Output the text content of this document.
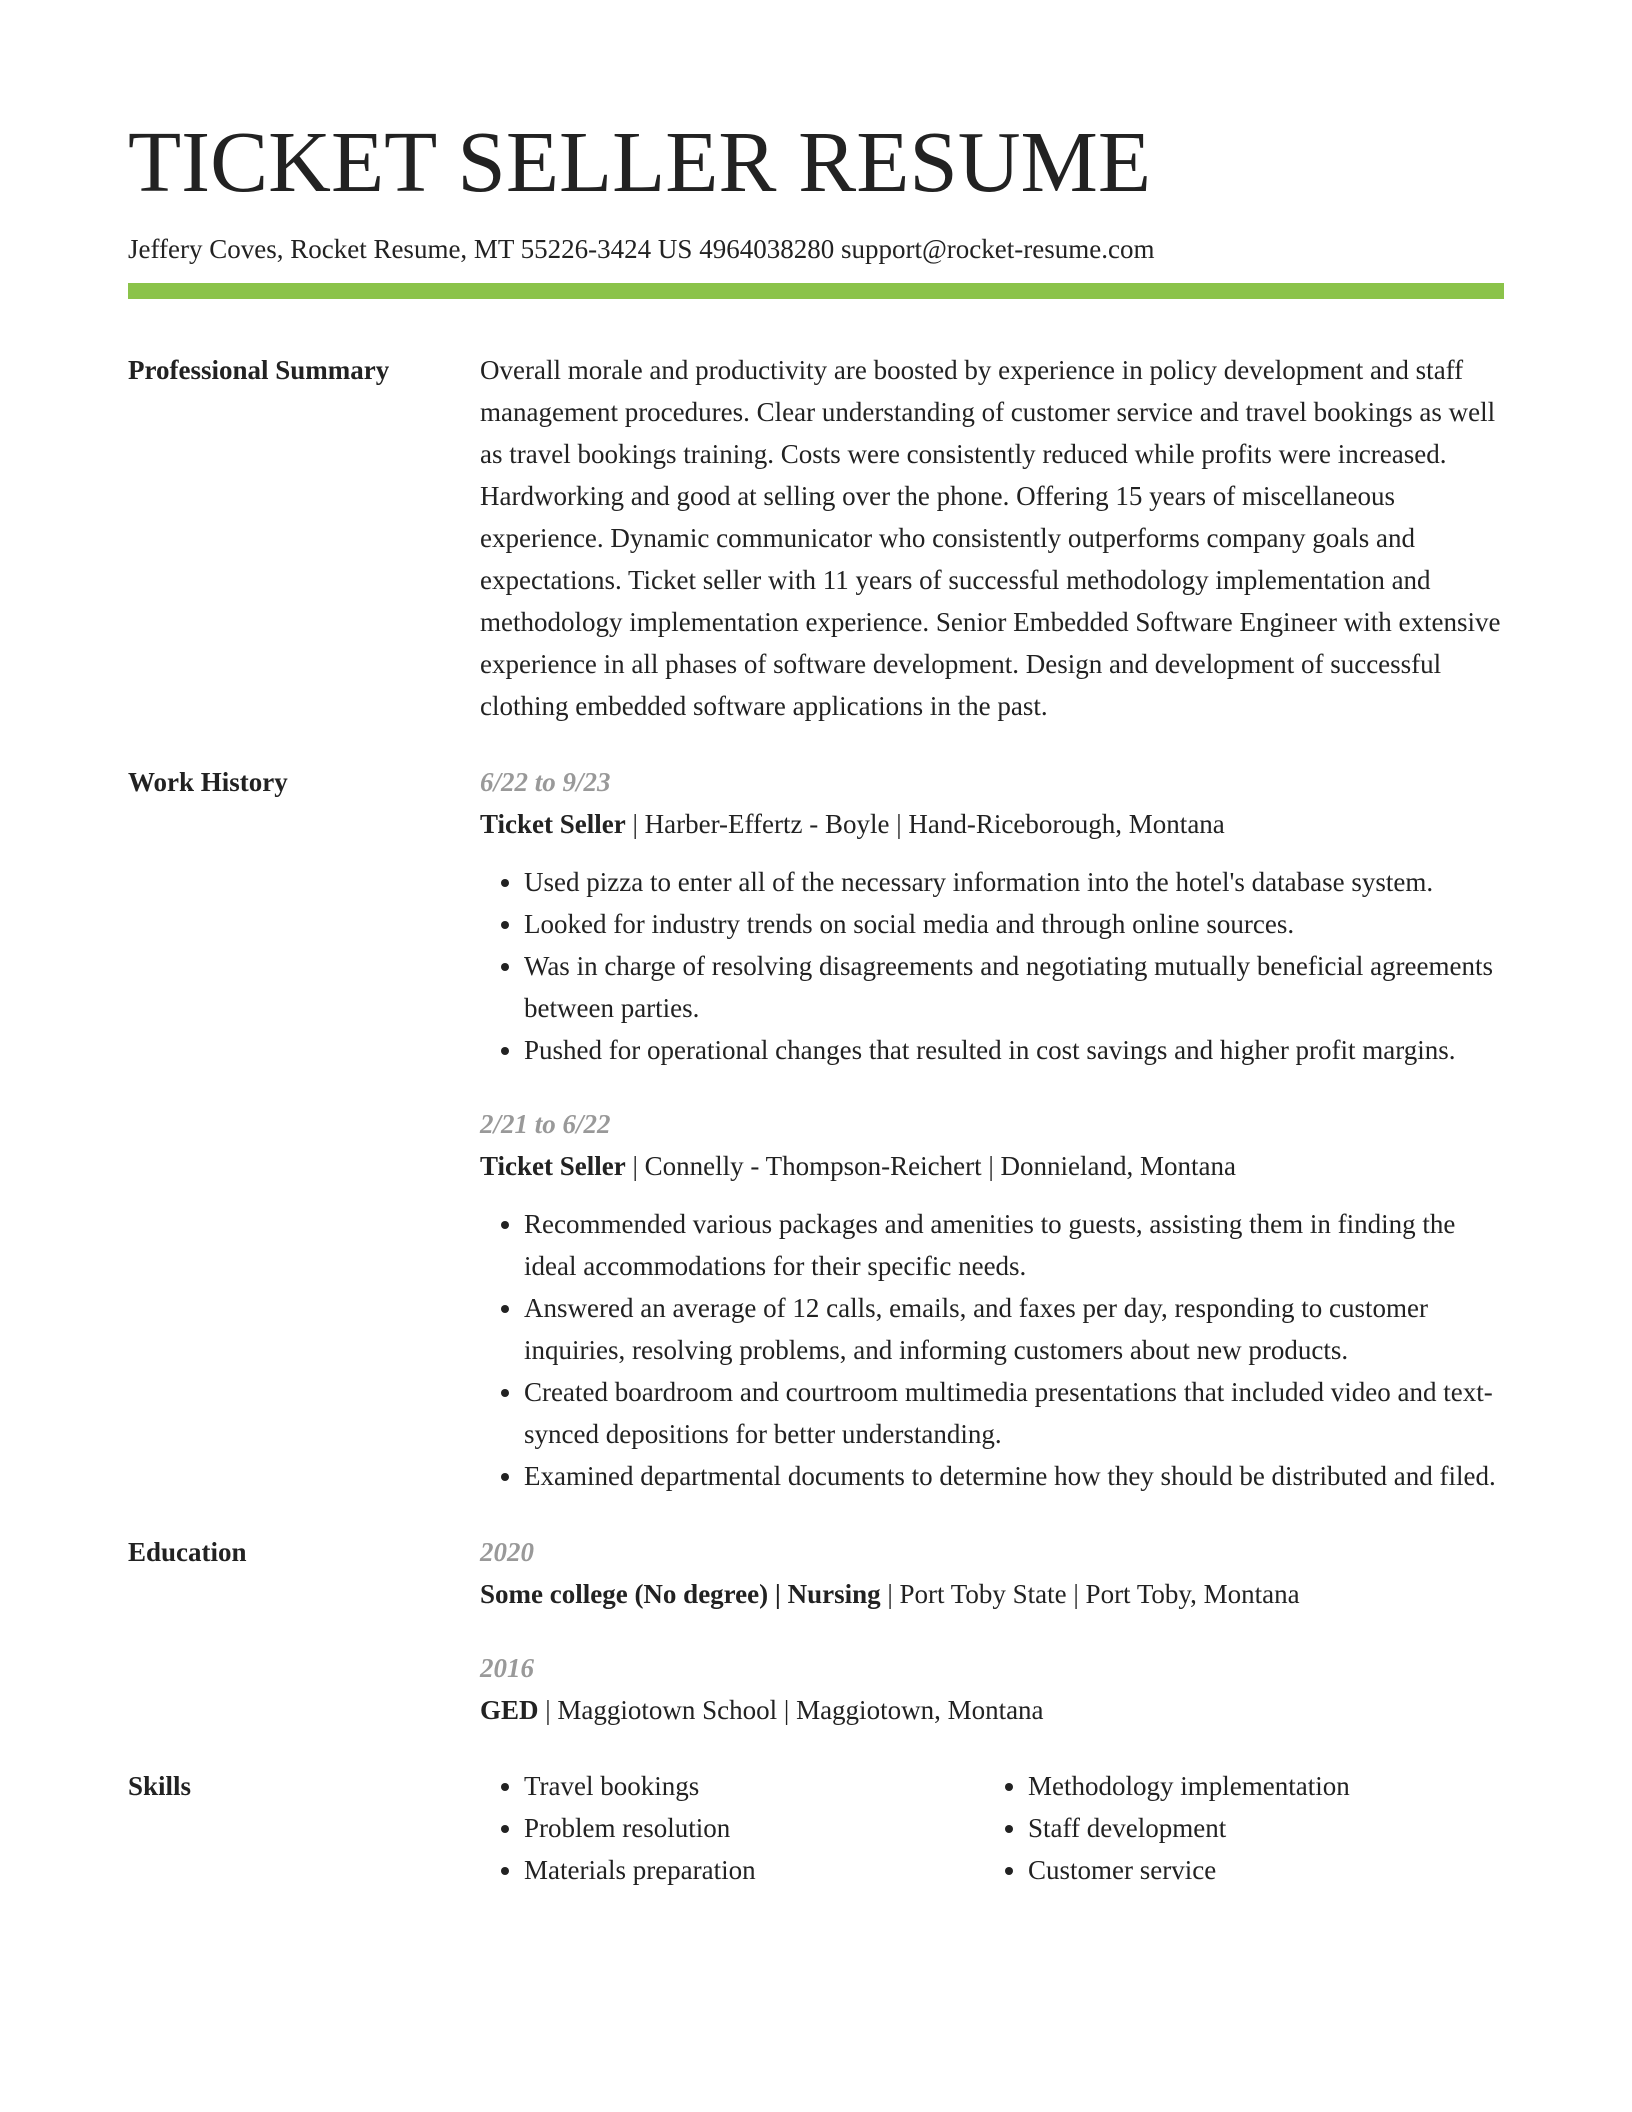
TICKET SELLER RESUME
Jeffery Coves, Rocket Resume, MT 55226-3424 US 4964038280 support@rocket-resume.com
Professional Summary	Overall morale and productivity are boosted by experience in policy development and staff management procedures. Clear understanding of customer service and travel bookings as well as travel bookings training. Costs were consistently reduced while profits were increased. Hardworking and good at selling over the phone. Offering 15 years of miscellaneous experience. Dynamic communicator who consistently outperforms company goals and expectations. Ticket seller with 11 years of successful methodology implementation and methodology implementation experience. Senior Embedded Software Engineer with extensive experience in all phases of software development. Design and development of successful clothing embedded software applications in the past.

Work History	6/22 to 9/23
Ticket Seller | Harber-Effertz - Boyle | Hand-Riceborough, Montana
• Used pizza to enter all of the necessary information into the hotel's database system.
• Looked for industry trends on social media and through online sources.
• Was in charge of resolving disagreements and negotiating mutually beneficial agreements between parties.
• Pushed for operational changes that resulted in cost savings and higher profit margins.
2/21 to 6/22
Ticket Seller | Connelly - Thompson-Reichert | Donnieland, Montana
• Recommended various packages and amenities to guests, assisting them in finding the ideal accommodations for their specific needs.
• Answered an average of 12 calls, emails, and faxes per day, responding to customer inquiries, resolving problems, and informing customers about new products.
• Created boardroom and courtroom multimedia presentations that included video and text-synced depositions for better understanding.
• Examined departmental documents to determine how they should be distributed and filed.
Education	2020
Some college (No degree) | Nursing | Port Toby State | Port Toby, Montana
2016
GED | Maggiotown School | Maggiotown, Montana
Skills
•	Travel bookings
• Problem resolution
• Materials preparation
• Methodology implementation
• Staff development
• Customer service
